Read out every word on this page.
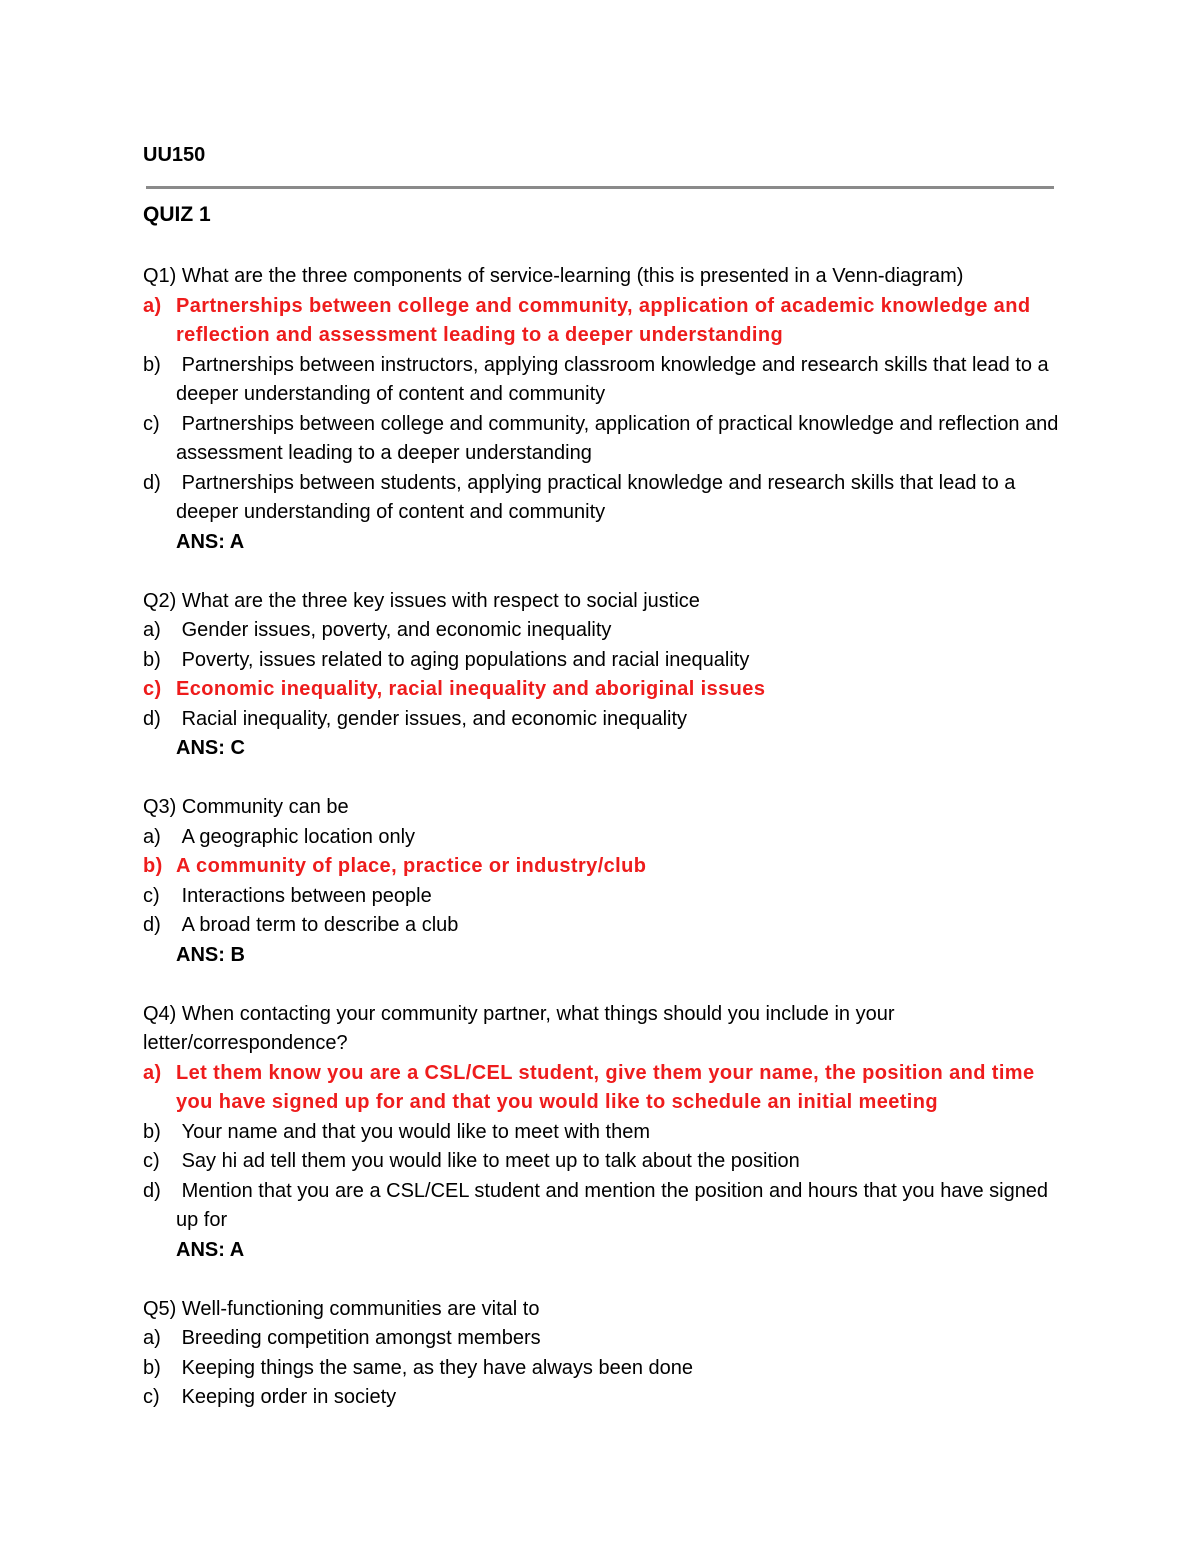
UU150
QUIZ 1

Q1) What are the three components of service-learning (this is presented in a Venn-diagram)

a) Partnerships between college and community, application of academic knowledge and reflection and assessment leading to a deeper understanding
b) Partnerships between instructors, applying classroom knowledge and research skills that lead to a deeper understanding of content and community
c) Partnerships between college and community, application of practical knowledge and reflection and assessment leading to a deeper understanding
d) Partnerships between students, applying practical knowledge and research skills that lead to a deeper understanding of content and community

ANS: A

Q2) What are the three key issues with respect to social justice

a) Gender issues, poverty, and economic inequality
b) Poverty, issues related to aging populations and racial inequality
c) Economic inequality, racial inequality and aboriginal issues
d) Racial inequality, gender issues, and economic inequality

ANS: C

Q3) Community can be

a) A geographic location only
b) A community of place, practice or industry/club
c) Interactions between people
d) A broad term to describe a club

ANS: B

Q4) When contacting your community partner, what things should you include in your letter/correspondence?

a) Let them know you are a CSL/CEL student, give them your name, the position and time you have signed up for and that you would like to schedule an initial meeting
b) Your name and that you would like to meet with them
c) Say hi ad tell them you would like to meet up to talk about the position
d) Mention that you are a CSL/CEL student and mention the position and hours that you have signed up for

ANS: A

Q5) Well-functioning communities are vital to

a) Breeding competition amongst members
b) Keeping things the same, as they have always been done
c) Keeping order in society
